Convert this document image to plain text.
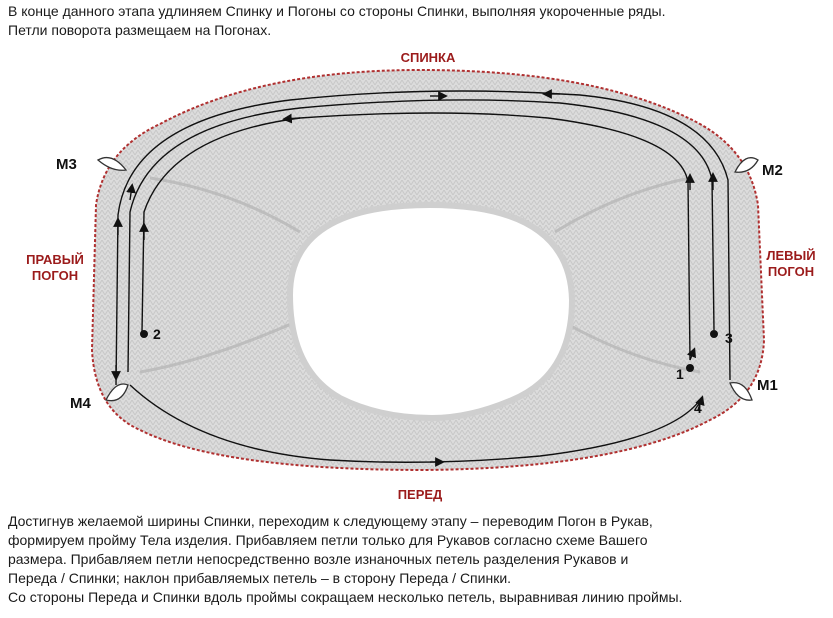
В конце данного этапа удлиняем Спинку и Погоны со стороны Спинки, выполняя укороченные ряды.

Петли поворота размещаем на Погонах.

СПИНКА
ПЕРЕД
ПРАВЫЙ
ПОГОН
ЛЕВЫЙ
ПОГОН
M3	M2
M4
M1
2	3
1
4

Достигнув желаемой ширины Спинки, переходим к следующему этапу – переводим Погон в Рукав,

формируем пройму Тела изделия. Прибавляем петли только для Рукавов согласно схеме Вашего

размера. Прибавляем петли непосредственно возле изнаночных петель разделения Рукавов и

Переда / Спинки; наклон прибавляемых петель – в сторону Переда / Спинки.

Со стороны Переда и Спинки вдоль проймы сокращаем несколько петель, выравнивая линию проймы.
